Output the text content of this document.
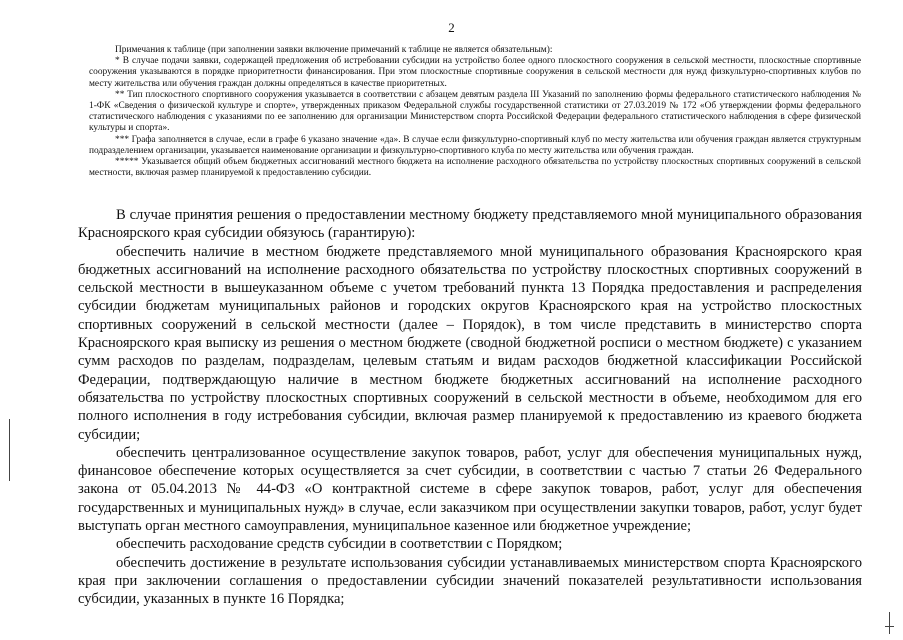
2

Примечания к таблице (при заполнении заявки включение примечаний к таблице не является обязательным):

* В случае подачи заявки, содержащей предложения об истребовании субсидии на устройство более одного плоскостного сооружения в сельской местности, плоскостные спортивные сооружения указываются в порядке приоритетности финансирования. При этом плоскостные спортивные сооружения в сельской местности для нужд физкультурно-спортивных клубов по месту жительства или обучения граждан должны определяться в качестве приоритетных.

** Тип плоскостного спортивного сооружения указывается в соответствии с абзацем девятым раздела III Указаний по заполнению формы федерального статистического наблюдения № 1-ФК «Сведения о физической культуре и спорте», утвержденных приказом Федеральной службы государственной статистики от 27.03.2019 № 172 «Об утверждении формы федерального статистического наблюдения с указаниями по ее заполнению для организации Министерством спорта Российской Федерации федерального статистического наблюдения в сфере физической культуры и спорта».

*** Графа заполняется в случае, если в графе 6 указано значение «да». В случае если физкультурно-спортивный клуб по месту жительства или обучения граждан является структурным подразделением организации, указывается наименование организации и физкультурно-спортивного клуба по месту жительства или обучения граждан.

***** Указывается общий объем бюджетных ассигнований местного бюджета на исполнение расходного обязательства по устройству плоскостных спортивных сооружений в сельской местности, включая размер планируемой к предоставлению субсидии.

В случае принятия решения о предоставлении местному бюджету представляемого мной муниципального образования Красноярского края субсидии обязуюсь (гарантирую):

обеспечить наличие в местном бюджете представляемого мной муниципального образования Красноярского края бюджетных ассигнований на исполнение расходного обязательства по устройству плоскостных спортивных сооружений в сельской местности в вышеуказанном объеме с учетом требований пункта 13 Порядка предоставления и распределения субсидии бюджетам муниципальных районов и городских округов Красноярского края на устройство плоскостных спортивных сооружений в сельской местности (далее – Порядок), в том числе представить в министерство спорта Красноярского края выписку из решения о местном бюджете (сводной бюджетной росписи о местном бюджете) с указанием сумм расходов по разделам, подразделам, целевым статьям и видам расходов бюджетной классификации Российской Федерации, подтверждающую наличие в местном бюджете бюджетных ассигнований на исполнение расходного обязательства по устройству плоскостных спортивных сооружений в сельской местности в объеме, необходимом для его полного исполнения в году истребования субсидии, включая размер планируемой к предоставлению из краевого бюджета субсидии;

обеспечить централизованное осуществление закупок товаров, работ, услуг для обеспечения муниципальных нужд, финансовое обеспечение которых осуществляется за счет субсидии, в соответствии с частью 7 статьи 26 Федерального закона от 05.04.2013 № 44-ФЗ «О контрактной системе в сфере закупок товаров, работ, услуг для обеспечения государственных и муниципальных нужд» в случае, если заказчиком при осуществлении закупки товаров, работ, услуг будет выступать орган местного самоуправления, муниципальное казенное или бюджетное учреждение;

обеспечить расходование средств субсидии в соответствии с Порядком;

обеспечить достижение в результате использования субсидии устанавливаемых министерством спорта Красноярского края при заключении соглашения о предоставлении субсидии значений показателей результативности использования субсидии, указанных в пункте 16 Порядка;
